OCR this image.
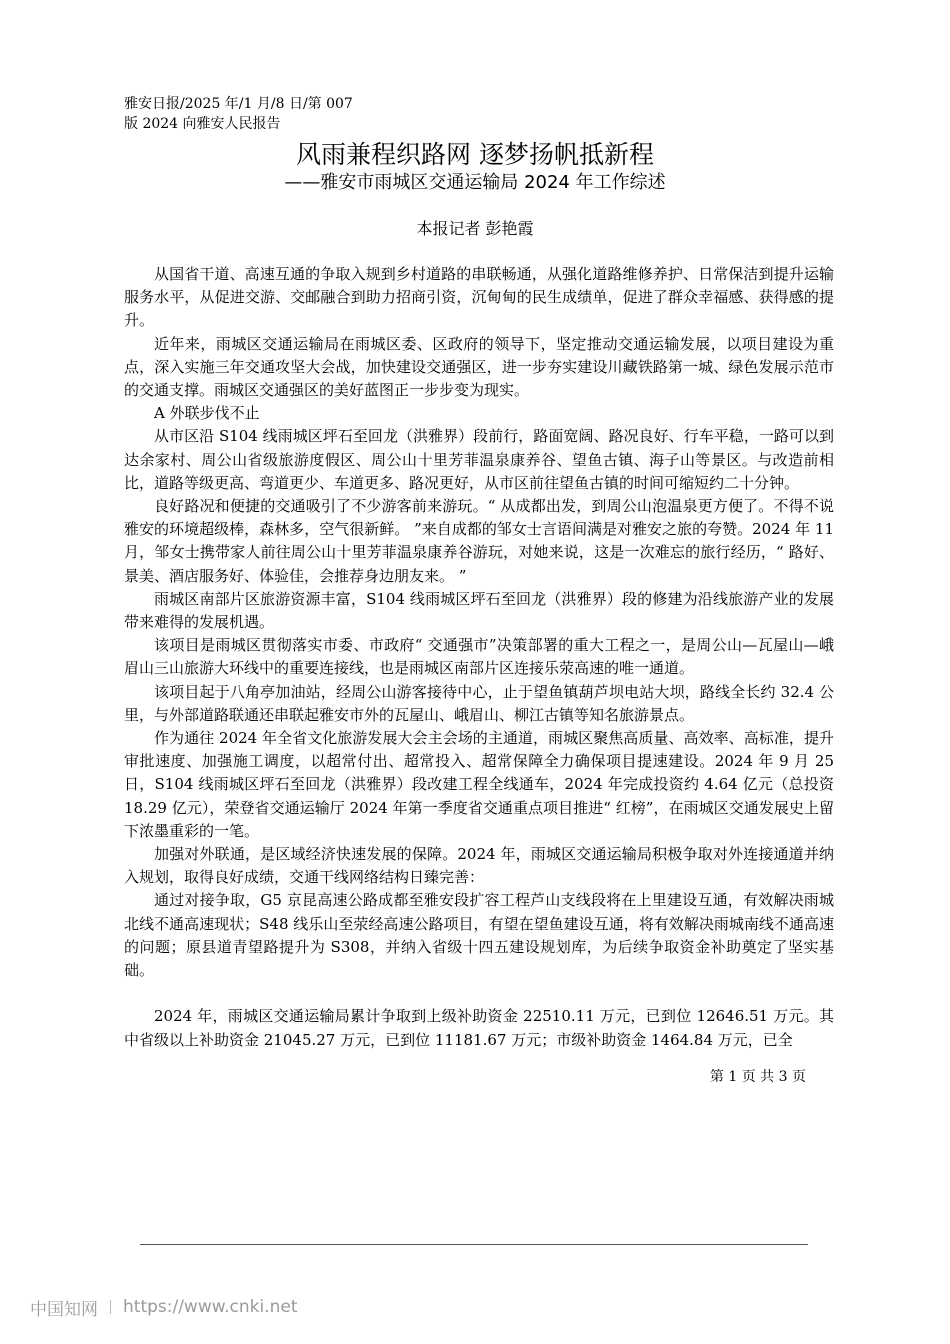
雅安日报/2025 年/1 月/8 日/第 007
版 2024 向雅安人民报告
风雨兼程织路网 逐梦扬帆抵新程
——雅安市雨城区交通运输局 2024 年工作综述
本报记者 彭艳霞

从国省干道、高速互通的争取入规到乡村道路的串联畅通，从强化道路维修养护、日常保洁到提升运输服务水平，从促进交游、交邮融合到助力招商引资，沉甸甸的民生成绩单，促进了群众幸福感、获得感的提升。

近年来，雨城区交通运输局在雨城区委、区政府的领导下，坚定推动交通运输发展，以项目建设为重点，深入实施三年交通攻坚大会战，加快建设交通强区，进一步夯实建设川藏铁路第一城、绿色发展示范市的交通支撑。雨城区交通强区的美好蓝图正一步步变为现实。

A 外联步伐不止

从市区沿 S104 线雨城区坪石至回龙（洪雅界）段前行，路面宽阔、路况良好、行车平稳，一路可以到达余家村、周公山省级旅游度假区、周公山十里芳菲温泉康养谷、望鱼古镇、海子山等景区。与改造前相比，道路等级更高、弯道更少、车道更多、路况更好，从市区前往望鱼古镇的时间可缩短约二十分钟。

良好路况和便捷的交通吸引了不少游客前来游玩。“ 从成都出发，到周公山泡温泉更方便了。不得不说雅安的环境超级棒，森林多，空气很新鲜。 ”来自成都的邹女士言语间满是对雅安之旅的夸赞。2024 年 11 月，邹女士携带家人前往周公山十里芳菲温泉康养谷游玩，对她来说，这是一次难忘的旅行经历，“ 路好、景美、酒店服务好、体验佳，会推荐身边朋友来。 ”

雨城区南部片区旅游资源丰富，S104 线雨城区坪石至回龙（洪雅界）段的修建为沿线旅游产业的发展带来难得的发展机遇。

该项目是雨城区贯彻落实市委、市政府“ 交通强市”决策部署的重大工程之一，是周公山—瓦屋山—峨眉山三山旅游大环线中的重要连接线，也是雨城区南部片区连接乐荥高速的唯一通道。

该项目起于八角亭加油站，经周公山游客接待中心，止于望鱼镇葫芦坝电站大坝，路线全长约 32.4 公里，与外部道路联通还串联起雅安市外的瓦屋山、峨眉山、柳江古镇等知名旅游景点。

作为通往 2024 年全省文化旅游发展大会主会场的主通道，雨城区聚焦高质量、高效率、高标准，提升审批速度、加强施工调度，以超常付出、超常投入、超常保障全力确保项目提速建设。2024 年 9 月 25 日，S104 线雨城区坪石至回龙（洪雅界）段改建工程全线通车，2024 年完成投资约 4.64 亿元（总投资 18.29 亿元），荣登省交通运输厅 2024 年第一季度省交通重点项目推进“ 红榜”，在雨城区交通发展史上留下浓墨重彩的一笔。

加强对外联通，是区域经济快速发展的保障。2024 年，雨城区交通运输局积极争取对外连接通道并纳入规划，取得良好成绩，交通干线网络结构日臻完善：

通过对接争取，G5 京昆高速公路成都至雅安段扩容工程芦山支线段将在上里建设互通，有效解决雨城北线不通高速现状；S48 线乐山至荥经高速公路项目，有望在望鱼建设互通，将有效解决雨城南线不通高速的问题；原县道青望路提升为 S308，并纳入省级十四五建设规划库，为后续争取资金补助奠定了坚实基础。

2024 年，雨城区交通运输局累计争取到上级补助资金 22510.11 万元，已到位 12646.51 万元。其中省级以上补助资金 21045.27 万元，已到位 11181.67 万元；市级补助资金 1464.84 万元，已全

第 1 页 共 3 页
中国知网 https://www.cnki.net
